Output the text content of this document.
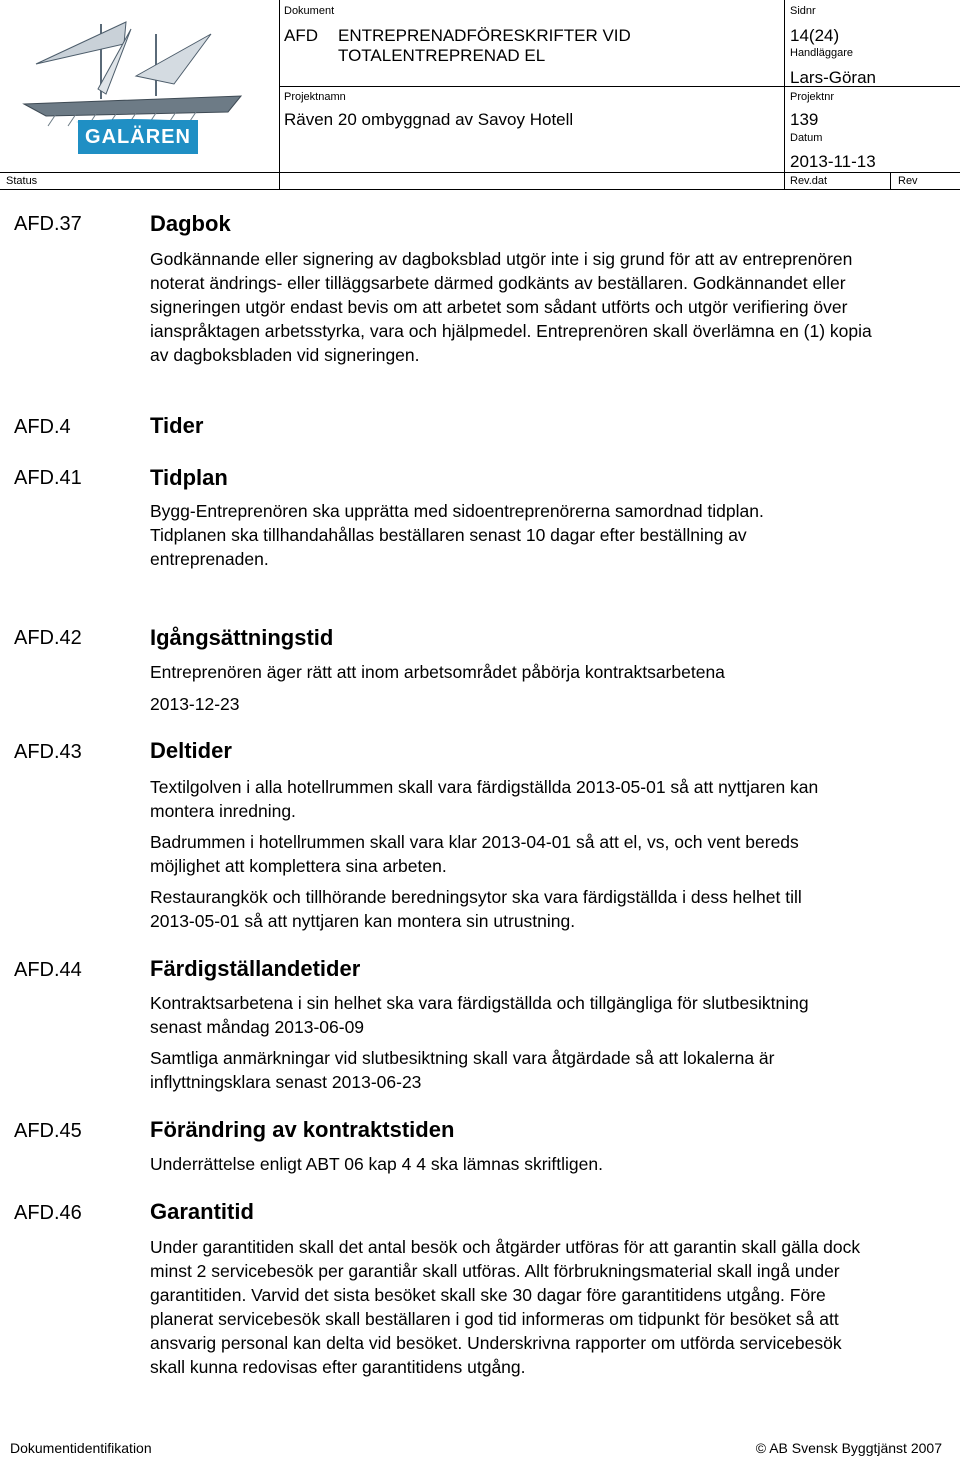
GALÄREN
Dokument
AFD ENTREPRENADFÖRESKRIFTER VID
TOTALENTREPRENAD EL
Sidnr
14(24)
Handläggare
Lars-Göran
Projektnamn
Räven 20 ombyggnad av Savoy Hotell
Projektnr
139
Datum
2013-11-13
Status	Rev.dat	Rev
AFD.37	Dagbok
Godkännande eller signering av dagboksblad utgör inte i sig grund för att av entreprenören noterat ändrings- eller tilläggsarbete därmed godkänts av beställaren. Godkännandet eller signeringen utgör endast bevis om att arbetet som sådant utförts och utgör verifiering över ianspråktagen arbetsstyrka, vara och hjälpmedel. Entreprenören skall överlämna en (1) kopia av dagboksbladen vid signeringen.
AFD.4	Tider
AFD.41	Tidplan
Bygg-Entreprenören ska upprätta med sidoentreprenörerna samordnad tidplan. Tidplanen ska tillhandahållas beställaren senast 10 dagar efter beställning av entreprenaden.
AFD.42	Igångsättningstid
Entreprenören äger rätt att inom arbetsområdet påbörja kontraktsarbetena
2013-12-23
AFD.43	Deltider
Textilgolven i alla hotellrummen skall vara färdigställda 2013-05-01 så att nyttjaren kan montera inredning.
Badrummen i hotellrummen skall vara klar 2013-04-01 så att el, vs, och vent bereds möjlighet att komplettera sina arbeten.
Restaurangkök och tillhörande beredningsytor ska vara färdigställda i dess helhet till 2013-05-01 så att nyttjaren kan montera sin utrustning.
AFD.44	Färdigställandetider
Kontraktsarbetena i sin helhet ska vara färdigställda och tillgängliga för slutbesiktning senast måndag 2013-06-09
Samtliga anmärkningar vid slutbesiktning skall vara åtgärdade så att lokalerna är inflyttningsklara senast 2013-06-23
AFD.45	Förändring av kontraktstiden
Underrättelse enligt ABT 06 kap 4 4 ska lämnas skriftligen.
AFD.46	Garantitid
Under garantitiden skall det antal besök och åtgärder utföras för att garantin skall gälla dock minst 2 servicebesök per garantiår skall utföras. Allt förbrukningsmaterial skall ingå under garantitiden. Varvid det sista besöket skall ske 30 dagar före garantitidens utgång. Före planerat servicebesök skall beställaren i god tid informeras om tidpunkt för besöket så att ansvarig personal kan delta vid besöket. Underskrivna rapporter om utförda servicebesök skall kunna redovisas efter garantitidens utgång.
Dokumentidentifikation	© AB Svensk Byggtjänst 2007
